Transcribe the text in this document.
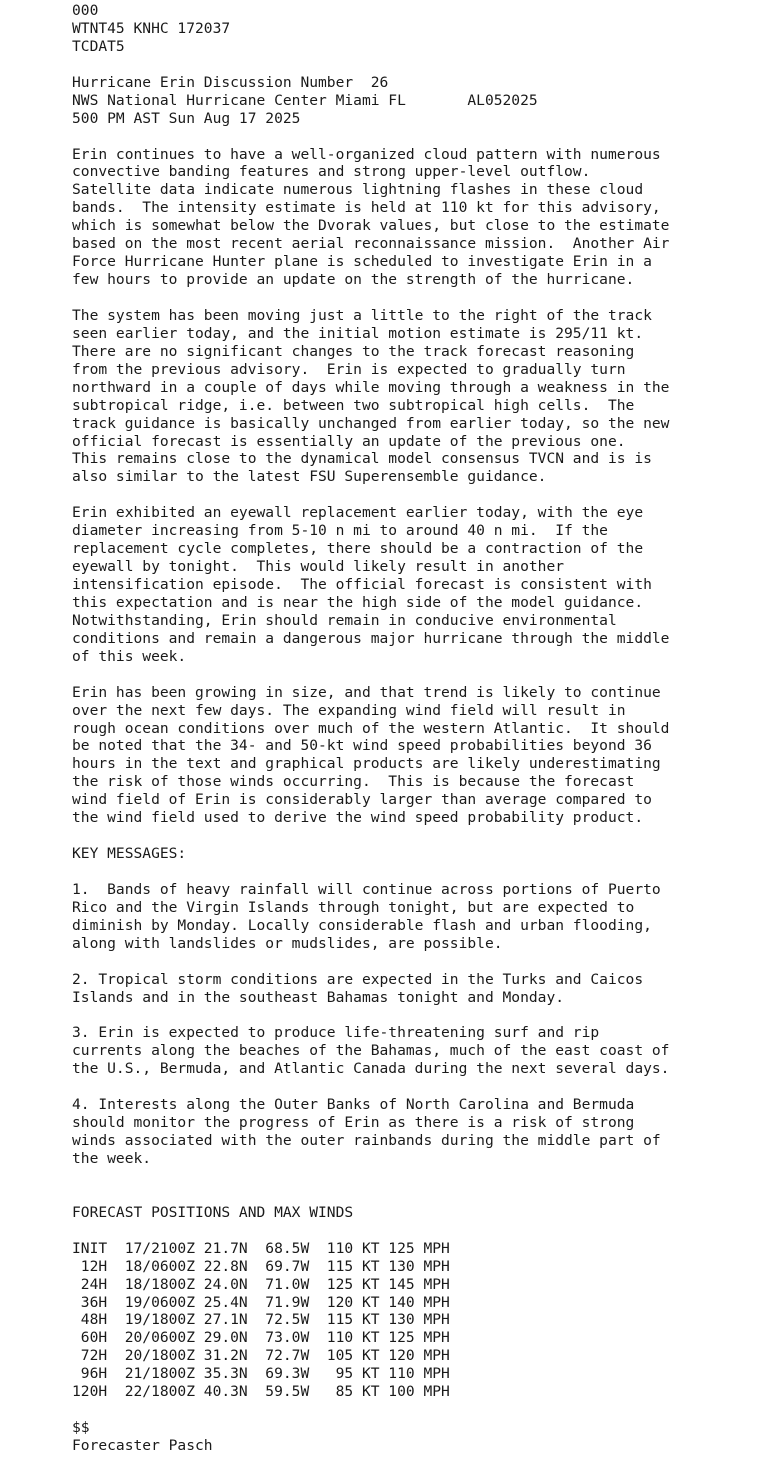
000
WTNT45 KNHC 172037
TCDAT5
Hurricane Erin Discussion Number  26
NWS National Hurricane Center Miami FL       AL052025
500 PM AST Sun Aug 17 2025
Erin continues to have a well-organized cloud pattern with numerous
convective banding features and strong upper-level outflow.
Satellite data indicate numerous lightning flashes in these cloud
bands.  The intensity estimate is held at 110 kt for this advisory,
which is somewhat below the Dvorak values, but close to the estimate
based on the most recent aerial reconnaissance mission.  Another Air
Force Hurricane Hunter plane is scheduled to investigate Erin in a
few hours to provide an update on the strength of the hurricane.
The system has been moving just a little to the right of the track
seen earlier today, and the initial motion estimate is 295/11 kt.
There are no significant changes to the track forecast reasoning
from the previous advisory.  Erin is expected to gradually turn
northward in a couple of days while moving through a weakness in the
subtropical ridge, i.e. between two subtropical high cells.  The
track guidance is basically unchanged from earlier today, so the new
official forecast is essentially an update of the previous one.
This remains close to the dynamical model consensus TVCN and is is
also similar to the latest FSU Superensemble guidance.
Erin exhibited an eyewall replacement earlier today, with the eye
diameter increasing from 5-10 n mi to around 40 n mi.  If the
replacement cycle completes, there should be a contraction of the
eyewall by tonight.  This would likely result in another
intensification episode.  The official forecast is consistent with
this expectation and is near the high side of the model guidance.
Notwithstanding, Erin should remain in conducive environmental
conditions and remain a dangerous major hurricane through the middle
of this week.
Erin has been growing in size, and that trend is likely to continue
over the next few days. The expanding wind field will result in
rough ocean conditions over much of the western Atlantic.  It should
be noted that the 34- and 50-kt wind speed probabilities beyond 36
hours in the text and graphical products are likely underestimating
the risk of those winds occurring.  This is because the forecast
wind field of Erin is considerably larger than average compared to
the wind field used to derive the wind speed probability product.
KEY MESSAGES:
1.  Bands of heavy rainfall will continue across portions of Puerto
Rico and the Virgin Islands through tonight, but are expected to
diminish by Monday. Locally considerable flash and urban flooding,
along with landslides or mudslides, are possible.
2. Tropical storm conditions are expected in the Turks and Caicos
Islands and in the southeast Bahamas tonight and Monday.
3. Erin is expected to produce life-threatening surf and rip
currents along the beaches of the Bahamas, much of the east coast of
the U.S., Bermuda, and Atlantic Canada during the next several days.
4. Interests along the Outer Banks of North Carolina and Bermuda
should monitor the progress of Erin as there is a risk of strong
winds associated with the outer rainbands during the middle part of
the week.
FORECAST POSITIONS AND MAX WINDS
INIT  17/2100Z 21.7N  68.5W  110 KT 125 MPH
12H  18/0600Z 22.8N  69.7W  115 KT 130 MPH
24H  18/1800Z 24.0N  71.0W  125 KT 145 MPH
36H  19/0600Z 25.4N  71.9W  120 KT 140 MPH
48H  19/1800Z 27.1N  72.5W  115 KT 130 MPH
60H  20/0600Z 29.0N  73.0W  110 KT 125 MPH
72H  20/1800Z 31.2N  72.7W  105 KT 120 MPH
96H  21/1800Z 35.3N  69.3W   95 KT 110 MPH
120H  22/1800Z 40.3N  59.5W   85 KT 100 MPH
$$
Forecaster Pasch
